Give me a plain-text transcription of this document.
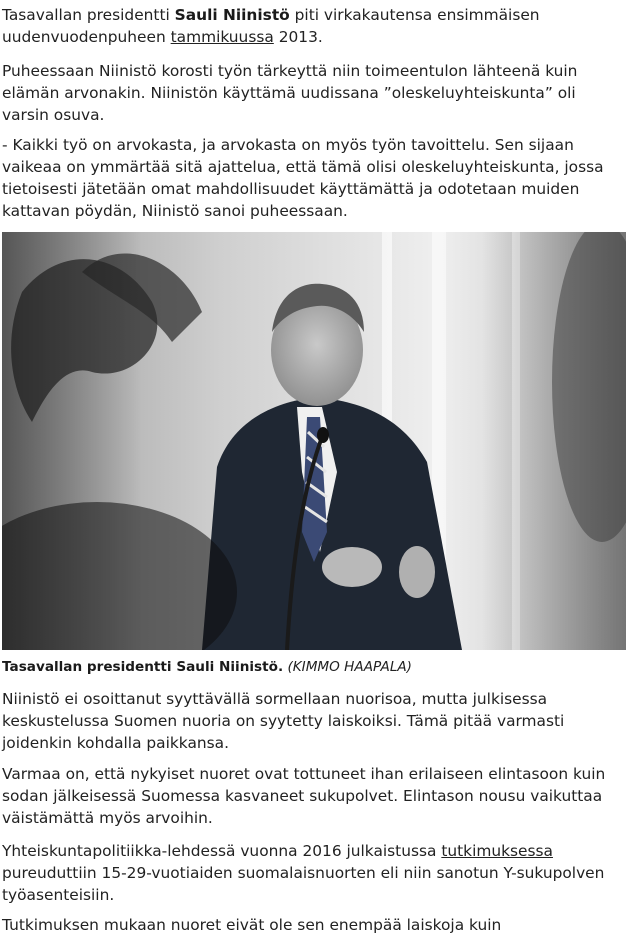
Tasavallan presidentti Sauli Niinistö piti virkakautensa ensimmäisen uudenvuodenpuheen tammikuussa 2013.

Puheessaan Niinistö korosti työn tärkeyttä niin toimeentulon lähteenä kuin elämän arvonakin. Niinistön käyttämä uudissana ”oleskeluyhteiskunta” oli varsin osuva.

- Kaikki työ on arvokasta, ja arvokasta on myös työn tavoittelu. Sen sijaan vaikeaa on ymmärtää sitä ajattelua, että tämä olisi oleskeluyhteiskunta, jossa tietoisesti jätetään omat mahdollisuudet käyttämättä ja odotetaan muiden kattavan pöydän, Niinistö sanoi puheessaan.

Tasavallan presidentti Sauli Niinistö. (KIMMO HAAPALA)

Niinistö ei osoittanut syyttävällä sormellaan nuorisoa, mutta julkisessa keskustelussa Suomen nuoria on syytetty laiskoiksi. Tämä pitää varmasti joidenkin kohdalla paikkansa.

Varmaa on, että nykyiset nuoret ovat tottuneet ihan erilaiseen elintasoon kuin sodan jälkeisessä Suomessa kasvaneet sukupolvet. Elintason nousu vaikuttaa väistämättä myös arvoihin.

Yhteiskuntapolitiikka-lehdessä vuonna 2016 julkaistussa tutkimuksessa pureuduttiin 15-29-vuotiaiden suomalaisnuorten eli niin sanotun Y-sukupolven työasenteisiin.

Tutkimuksen mukaan nuoret eivät ole sen enempää laiskoja kuin
